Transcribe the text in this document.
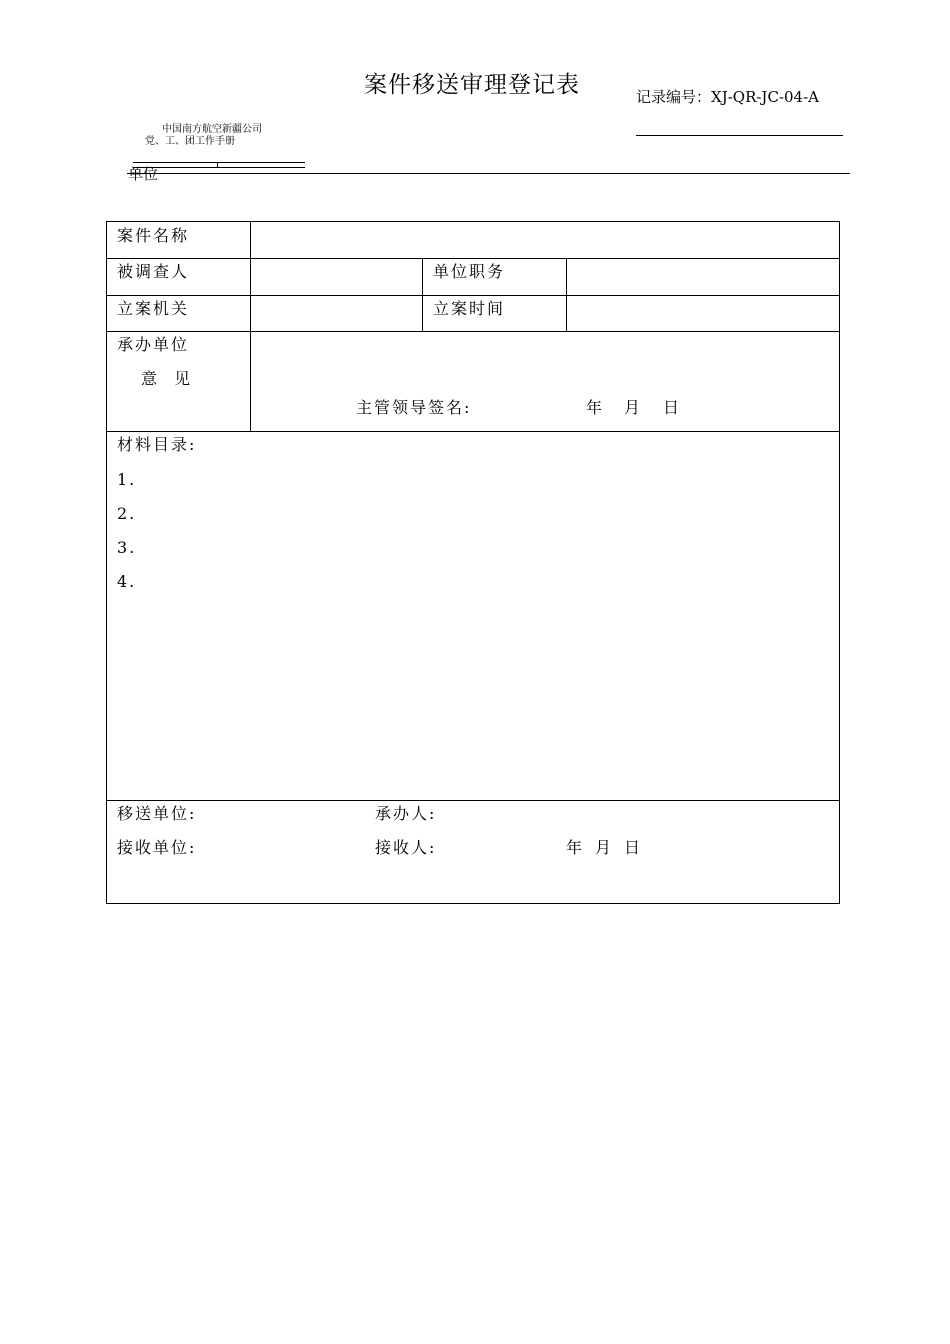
案件移送审理登记表	记录编号：XJ-QR-JC-04-A
中国南方航空新疆公司
党、工、团工作手册
单位
案件名称
被调查人	单位职务
立案机关	立案时间
承办单位
意 见
主管领导签名:	年 月 日
材料目录:
1.
2.
3.
4.
移送单位:	承办人:
接收单位:	接收人:	年 月 日
